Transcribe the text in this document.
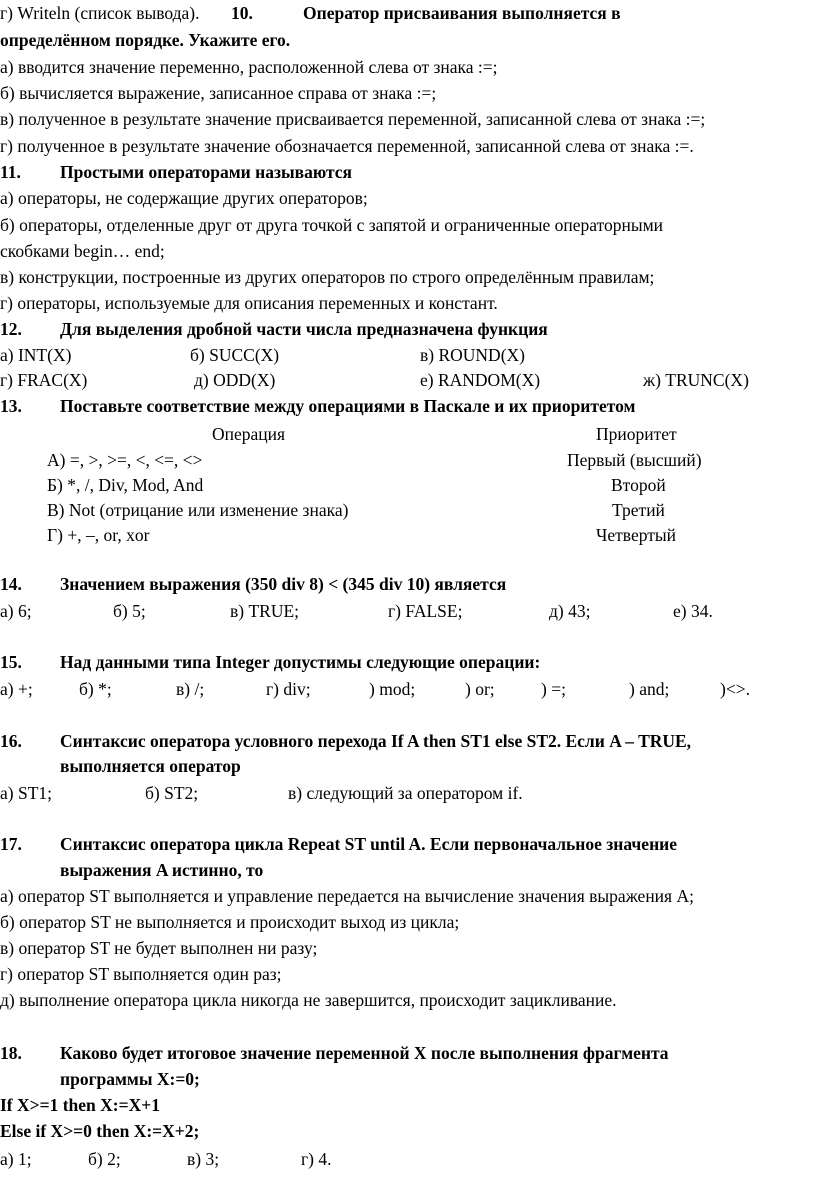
г) Writeln (список вывода). 10.	Оператор присваивания выполняется в
определённом порядке. Укажите его.
а) вводится значение переменно, расположенной слева от знака :=;
б) вычисляется выражение, записанное справа от знака :=;
в) полученное в результате значение присваивается переменной, записанной слева от знака :=;
г) полученное в результате значение обозначается переменной, записанной слева от знака :=.
11. Простыми операторами называются
а) операторы, не содержащие других операторов;
б) операторы, отделенные друг от друга точкой с запятой и ограниченные операторными
скобками begin… end;
в) конструкции, построенные из других операторов по строго определённым правилам;
г) операторы, используемые для описания переменных и констант.
12. Для выделения дробной части числа предназначена функция
а) INT(X)	б) SUCC(X)	в) ROUND(X)
г) FRAC(X)	д) ODD(X)	е) RANDOM(X)	ж) TRUNC(X)
13. Поставьте соответствие между операциями в Паскале и их приоритетом
Операция	Приоритет
А) =, >, >=, <, <=, <>	Первый (высший)
Б) *, /, Div, Mod, And	Второй
В) Not (отрицание или изменение знака)	Третий
Г) +, –, or, xor	Четвертый
14. Значением выражения (350 div 8) < (345 div 10) является
а) 6;	б) 5;	в) TRUE;	г) FALSE;	д) 43;	е) 34.
15. Над данными типа Integer допустимы следующие операции:
а) +;	б) *;	в) /;	г) div;	) mod;	) or;	) =;	) and;	)<>.
16. Синтаксис оператора условного перехода If A then ST1 else ST2. Если A – TRUE,
выполняется оператор
а) ST1;	б) ST2;	в) следующий за оператором if.
17. Синтаксис оператора цикла Repeat ST until A. Если первоначальное значение
выражения A истинно, то
а) оператор ST выполняется и управление передается на вычисление значения выражения A;
б) оператор ST не выполняется и происходит выход из цикла;
в) оператор ST не будет выполнен ни разу;
г) оператор ST выполняется один раз;
д) выполнение оператора цикла никогда не завершится, происходит зацикливание.
18. Каково будет итоговое значение переменной X после выполнения фрагмента
программы X:=0;
If X>=1 then X:=X+1
Else if X>=0 then X:=X+2;
а) 1;	б) 2;	в) 3;	г) 4.
